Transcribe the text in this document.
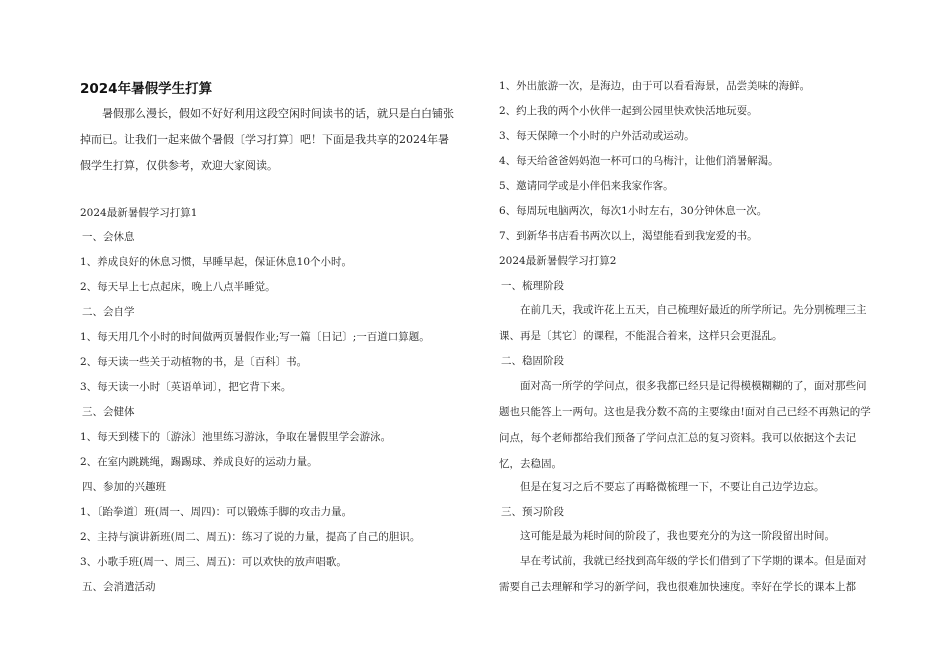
2024年暑假学生打算

暑假那么漫长，假如不好好利用这段空闲时间读书的话，就只是白白铺张掉而已。让我们一起来做个暑假〔学习打算〕吧！下面是我共享的2024年暑假学生打算，仅供参考，欢迎大家阅读。

2024最新暑假学习打算1
一、会休息
1、养成良好的休息习惯，早睡早起，保证休息10个小时。
2、每天早上七点起床，晚上八点半睡觉。
二、会自学
1、每天用几个小时的时间做两页暑假作业;写一篇〔日记〕;一百道口算题。
2、每天读一些关于动植物的书，是〔百科〕书。
3、每天读一小时〔英语单词〕，把它背下来。
三、会健体
1、每天到楼下的〔游泳〕池里练习游泳，争取在暑假里学会游泳。
2、在室内跳跳绳，踢踢球、养成良好的运动力量。
四、参加的兴趣班
1、〔跆拳道〕班(周一、周四)：可以锻炼手脚的攻击力量。
2、主持与演讲新班(周二、周五)：练习了说的力量，提高了自己的胆识。
3、小歌手班(周一、周三、周五)：可以欢快的放声唱歌。
五、会消遣活动
1、外出旅游一次，是海边，由于可以看看海景，品尝美味的海鲜。
2、约上我的两个小伙伴一起到公园里快欢快活地玩耍。
3、每天保障一个小时的户外活动或运动。
4、每天给爸爸妈妈泡一杯可口的乌梅汁，让他们消暑解渴。
5、邀请同学或是小伴侣来我家作客。
6、每周玩电脑两次，每次1小时左右，30分钟休息一次。
7、到新华书店看书两次以上，渴望能看到我宠爱的书。
2024最新暑假学习打算2
一、梳理阶段

在前几天，我或许花上五天，自己梳理好最近的所学所记。先分别梳理三主课、再是〔其它〕的课程，不能混合着来，这样只会更混乱。

二、稳固阶段

面对高一所学的学问点，很多我都已经只是记得模模糊糊的了，面对那些问题也只能答上一两句。这也是我分数不高的主要缘由!面对自己已经不再熟记的学问点，每个老师都给我们预备了学问点汇总的复习资料。我可以依据这个去记忆，去稳固。

但是在复习之后不要忘了再略微梳理一下，不要让自己边学边忘。

三、预习阶段

这可能是最为耗时间的阶段了，我也要充分的为这一阶段留出时间。

早在考试前，我就已经找到高年级的学长们借到了下学期的课本。但是面对需要自己去理解和学习的新学问，我也很难加快速度。幸好在学长的课本上都
